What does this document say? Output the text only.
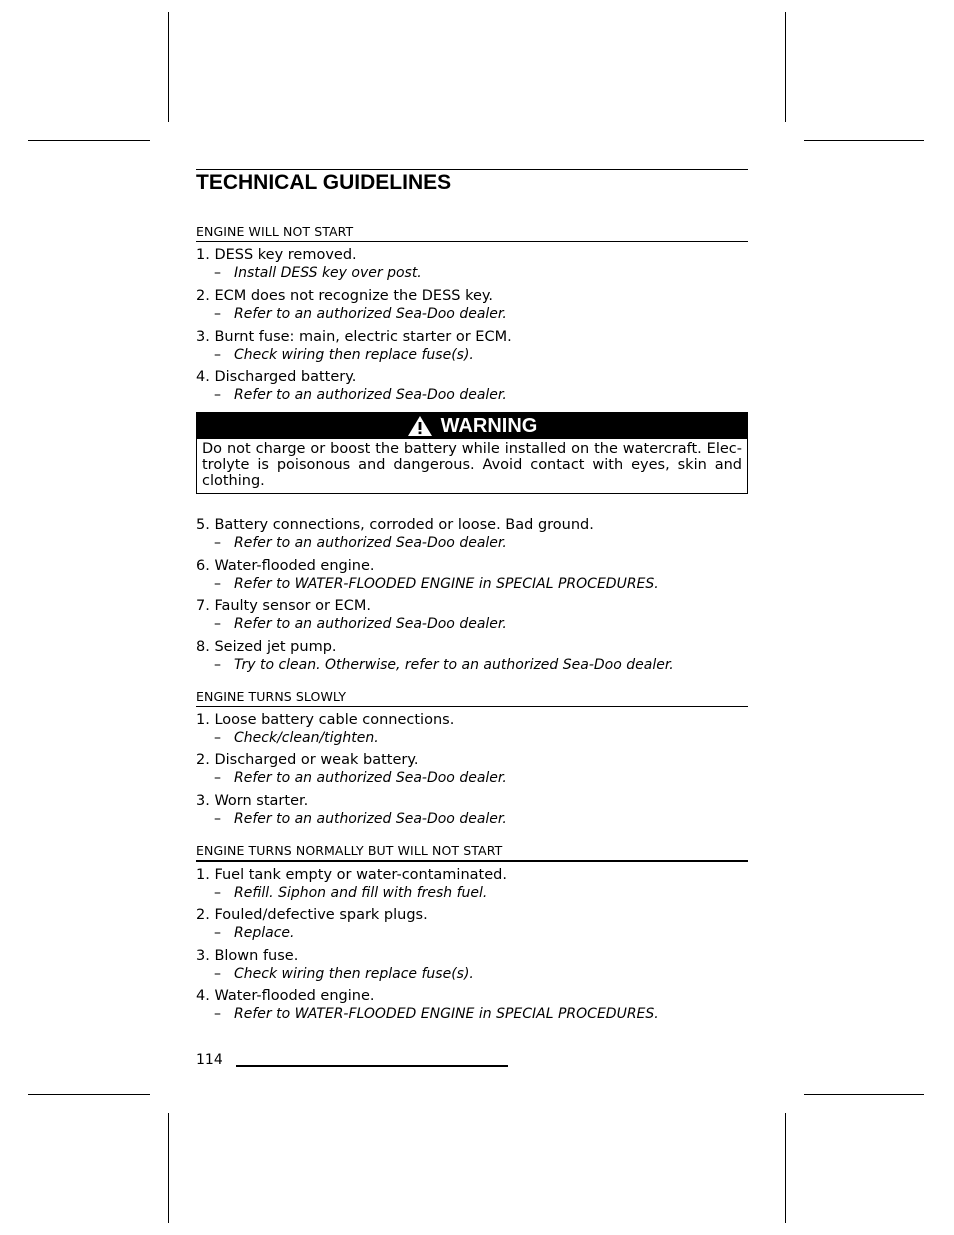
TECHNICAL GUIDELINES
ENGINE WILL NOT START
1. DESS key removed.
– Install DESS key over post.
2. ECM does not recognize the DESS key.
– Refer to an authorized Sea-Doo dealer.
3. Burnt fuse: main, electric starter or ECM.
– Check wiring then replace fuse(s).
4. Discharged battery.
– Refer to an authorized Sea-Doo dealer.
WARNING
Do not charge or boost the battery while installed on the watercraft. Elec-trolyte is poisonous and dangerous. Avoid contact with eyes, skin and clothing.
5. Battery connections, corroded or loose. Bad ground.
– Refer to an authorized Sea-Doo dealer.
6. Water-flooded engine.
– Refer to WATER-FLOODED ENGINE in SPECIAL PROCEDURES.
7. Faulty sensor or ECM.
– Refer to an authorized Sea-Doo dealer.
8. Seized jet pump.
– Try to clean. Otherwise, refer to an authorized Sea-Doo dealer.
ENGINE TURNS SLOWLY
1. Loose battery cable connections.
– Check/clean/tighten.
2. Discharged or weak battery.
– Refer to an authorized Sea-Doo dealer.
3. Worn starter.
– Refer to an authorized Sea-Doo dealer.
ENGINE TURNS NORMALLY BUT WILL NOT START
1. Fuel tank empty or water-contaminated.
– Refill. Siphon and fill with fresh fuel.
2. Fouled/defective spark plugs.
– Replace.
3. Blown fuse.
– Check wiring then replace fuse(s).
4. Water-flooded engine.
– Refer to WATER-FLOODED ENGINE in SPECIAL PROCEDURES.
114
